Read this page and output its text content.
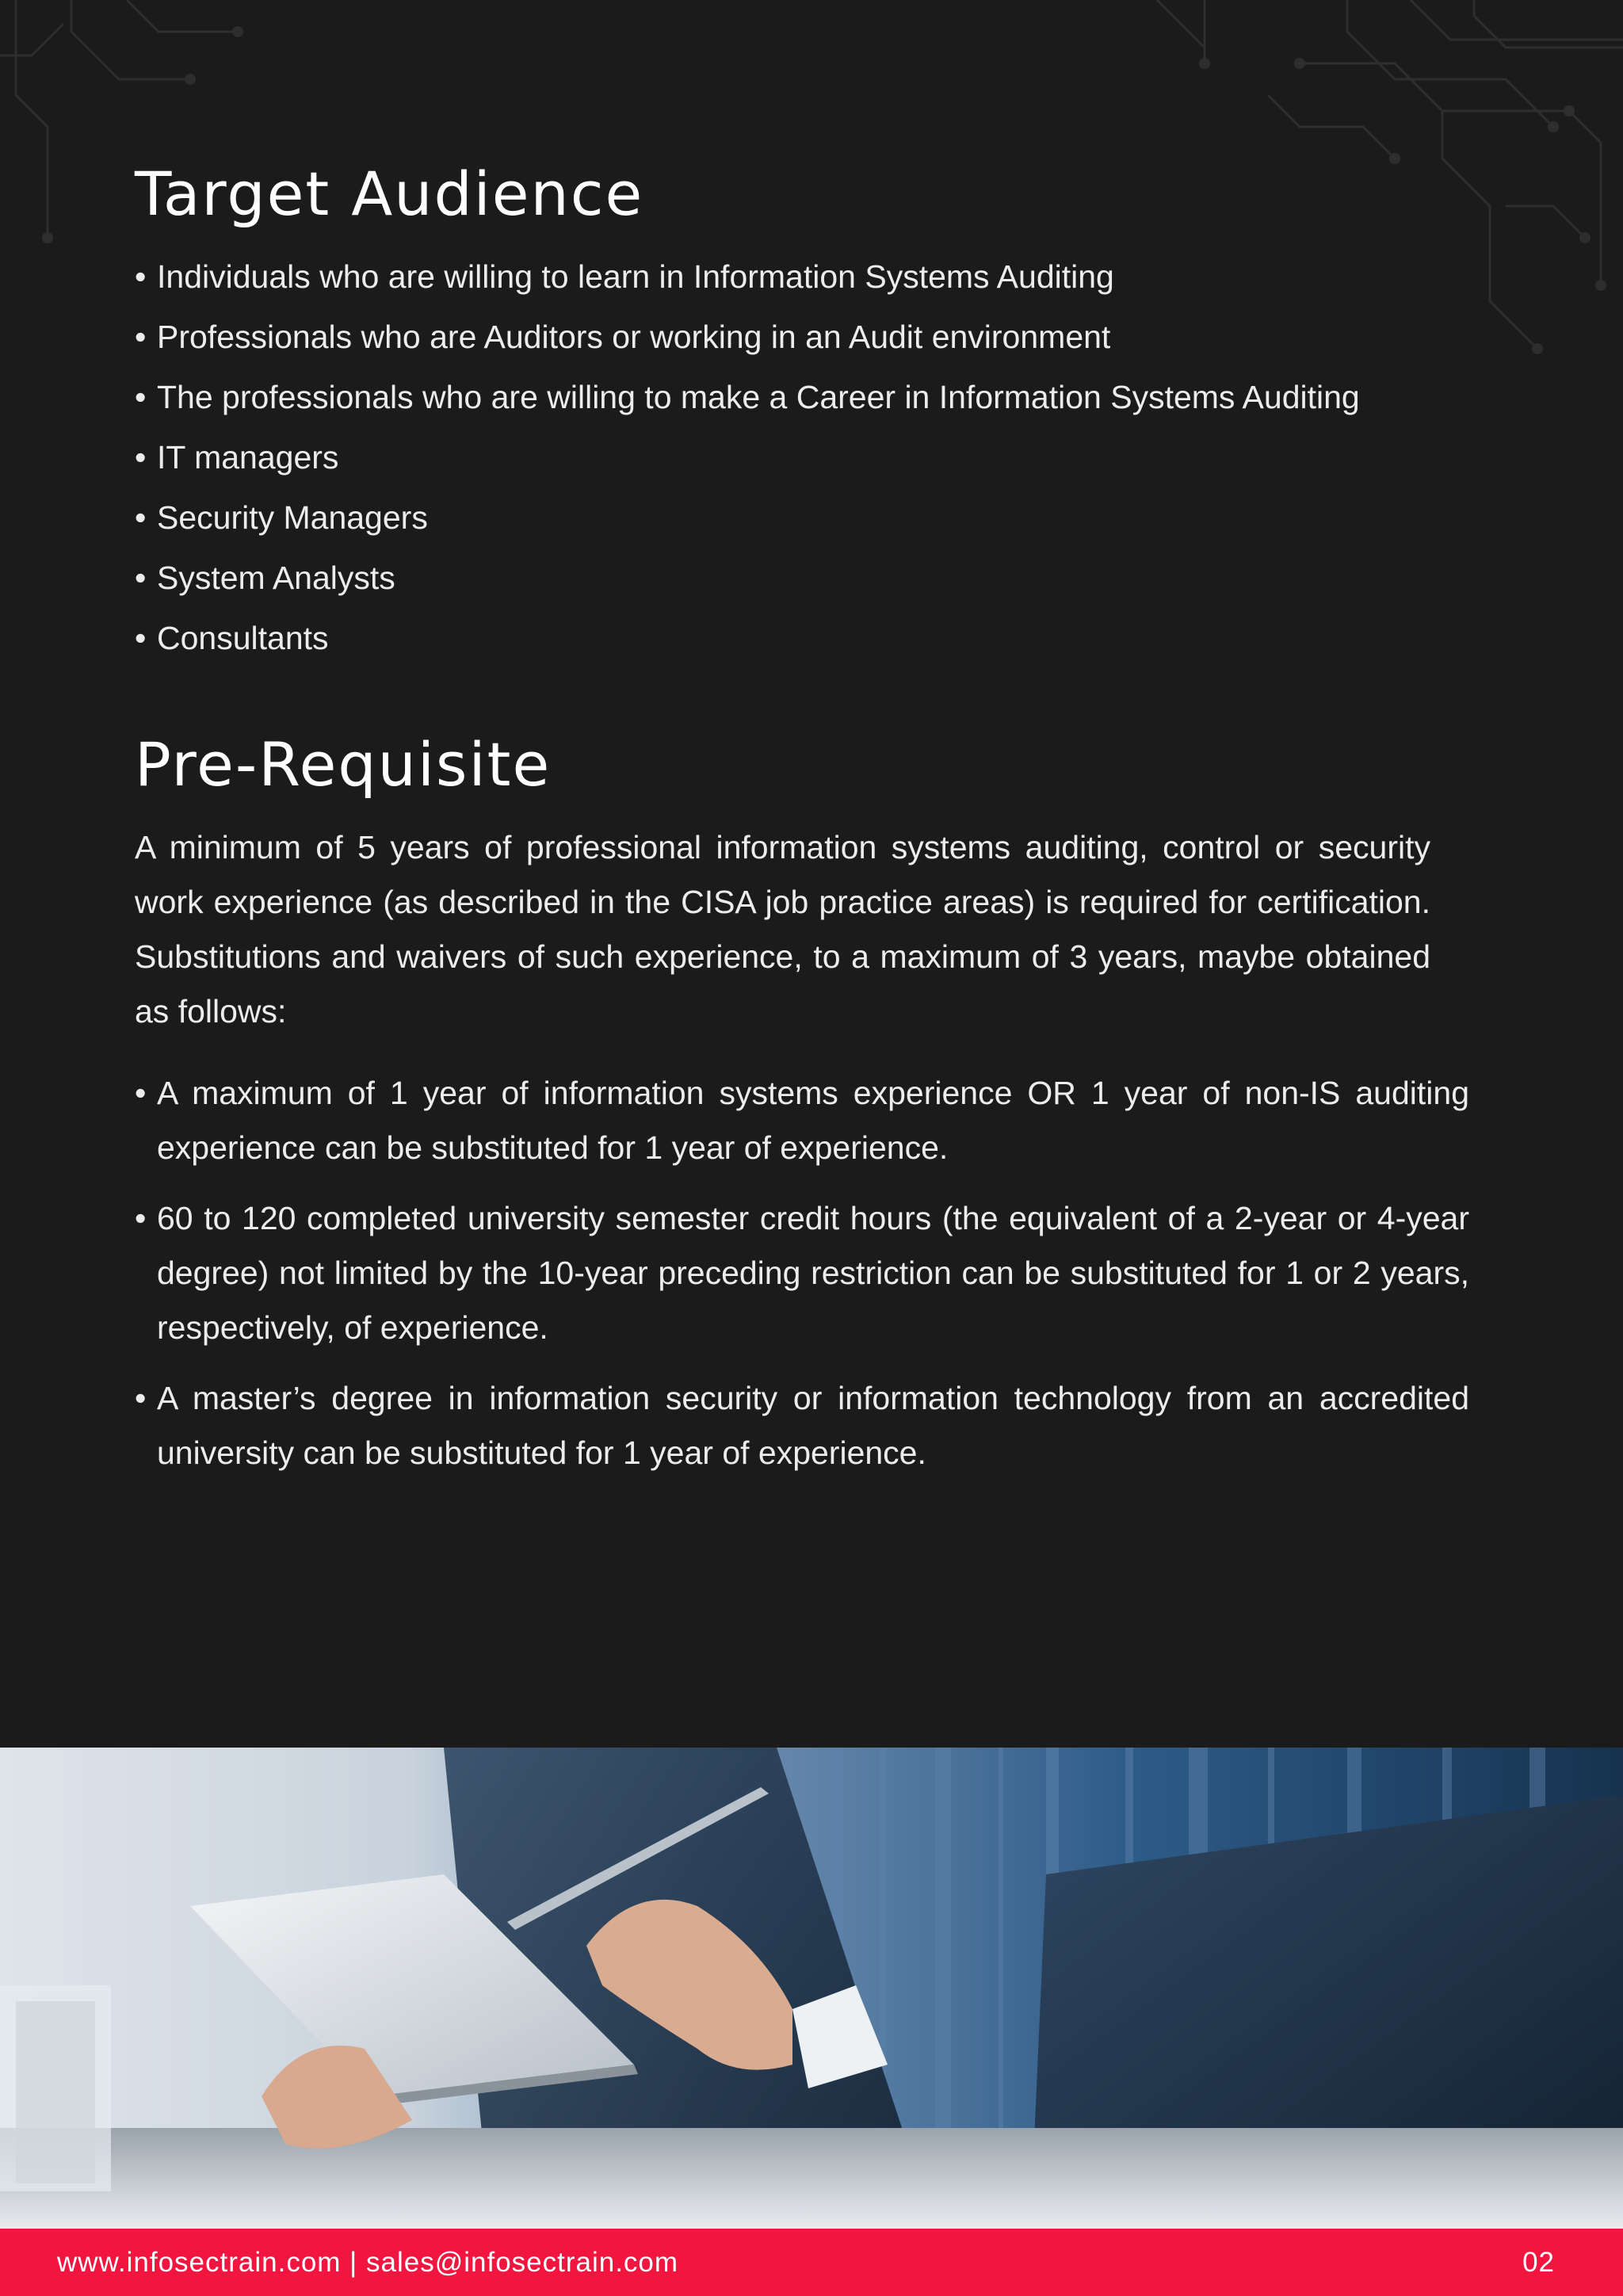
Target Audience
• Individuals who are willing to learn in Information Systems Auditing
• Professionals who are Auditors or working in an Audit environment
• The professionals who are willing to make a Career in Information Systems Auditing
• IT managers
• Security Managers
• System Analysts
• Consultants
Pre-Requisite

A minimum of 5 years of professional information systems auditing, control or security work experience (as described in the CISA job practice areas) is required for certification. Substitutions and waivers of such experience, to a maximum of 3 years, maybe obtained as follows:

• A maximum of 1 year of information systems experience OR 1 year of non-IS auditing experience can be substituted for 1 year of experience.
• 60 to 120 completed university semester credit hours (the equivalent of a 2-year or 4-year degree) not limited by the 10-year preceding restriction can be substituted for 1 or 2 years, respectively, of experience.
• A master’s degree in information security or information technology from an accredited university can be substituted for 1 year of experience.
www.infosectrain.com | sales@infosectrain.com	02
